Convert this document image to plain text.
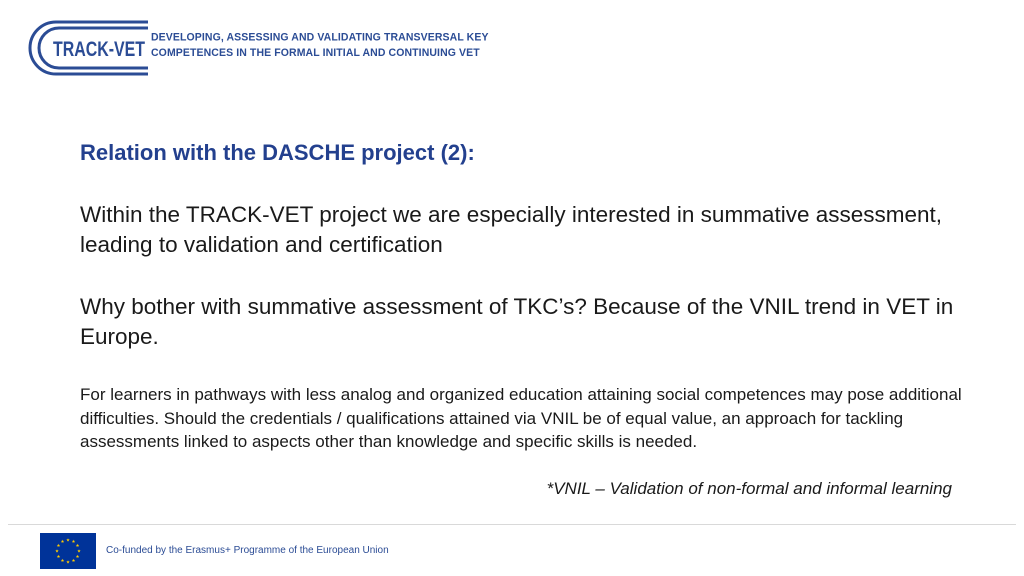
TRACK-VET
DEVELOPING, ASSESSING AND VALIDATING TRANSVERSAL KEY
COMPETENCES IN THE FORMAL INITIAL AND CONTINUING VET
Relation with the DASCHE project (2):

Within the TRACK-VET project we are especially interested in summative assessment, leading to validation and certification

Why bother with summative assessment of TKC’s? Because of the VNIL trend in VET in Europe.

For learners in pathways with less analog and organized education attaining social competences may pose additional difficulties. Should the credentials / qualifications attained via VNIL be of equal value, an approach for tackling assessments linked to aspects other than knowledge and specific skills is needed.

*VNIL – Validation of non-formal and informal learning

Co-funded by the Erasmus+ Programme of the European Union
